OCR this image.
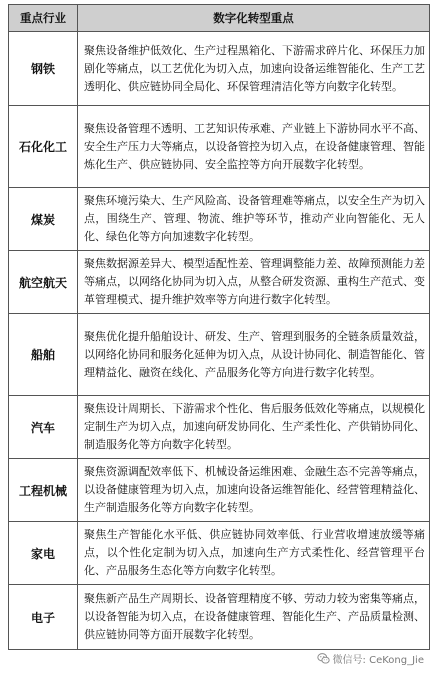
重点行业	数字化转型重点
钢铁	聚焦设备维护低效化、生产过程黑箱化、下游需求碎片化、环保压力加剧化等痛点，以工艺优化为切入点，加速向设备运维智能化、生产工艺透明化、供应链协同全局化、环保管理清洁化等方向数字化转型。
石化化工	聚焦设备管理不透明、工艺知识传承难、产业链上下游协同水平不高、安全生产压力大等痛点，以设备管控为切入点，在设备健康管理、智能炼化生产、供应链协同、安全监控等方向开展数字化转型。
煤炭	聚焦环境污染大、生产风险高、设备管理难等痛点，以安全生产为切入点，围绕生产、管理、物流、维护等环节，推动产业向智能化、无人化、绿色化等方向加速数字化转型。
航空航天	聚焦数据源差异大、模型适配性差、管理调整能力差、故障预测能力差等痛点，以网络化协同为切入点，从整合研发资源、重构生产范式、变革管理模式、提升维护效率等方向进行数字化转型。
船舶	聚焦优化提升船舶设计、研发、生产、管理到服务的全链条质量效益，以网络化协同和服务化延伸为切入点，从设计协同化、制造智能化、管理精益化、融资在线化、产品服务化等方向进行数字化转型。
汽车	聚焦设计周期长、下游需求个性化、售后服务低效化等痛点，以规模化定制生产为切入点，加速向研发协同化、生产柔性化、产供销协同化、制造服务化等方向数字化转型。
工程机械	聚焦资源调配效率低下、机械设备运维困难、金融生态不完善等痛点，以设备健康管理为切入点，加速向设备运维智能化、经营管理精益化、生产制造服务化等方向数字化转型。
家电	聚焦生产智能化水平低、供应链协同效率低、行业营收增速放缓等痛点，以个性化定制为切入点，加速向生产方式柔性化、经营管理平台化、产品服务生态化等方向数字化转型。
电子	聚焦新产品生产周期长、设备管理精度不够、劳动力较为密集等痛点，以设备智能为切入点，在设备健康管理、智能化生产、产品质量检测、供应链协同等方面开展数字化转型。
微信号: CeKong_Jie
